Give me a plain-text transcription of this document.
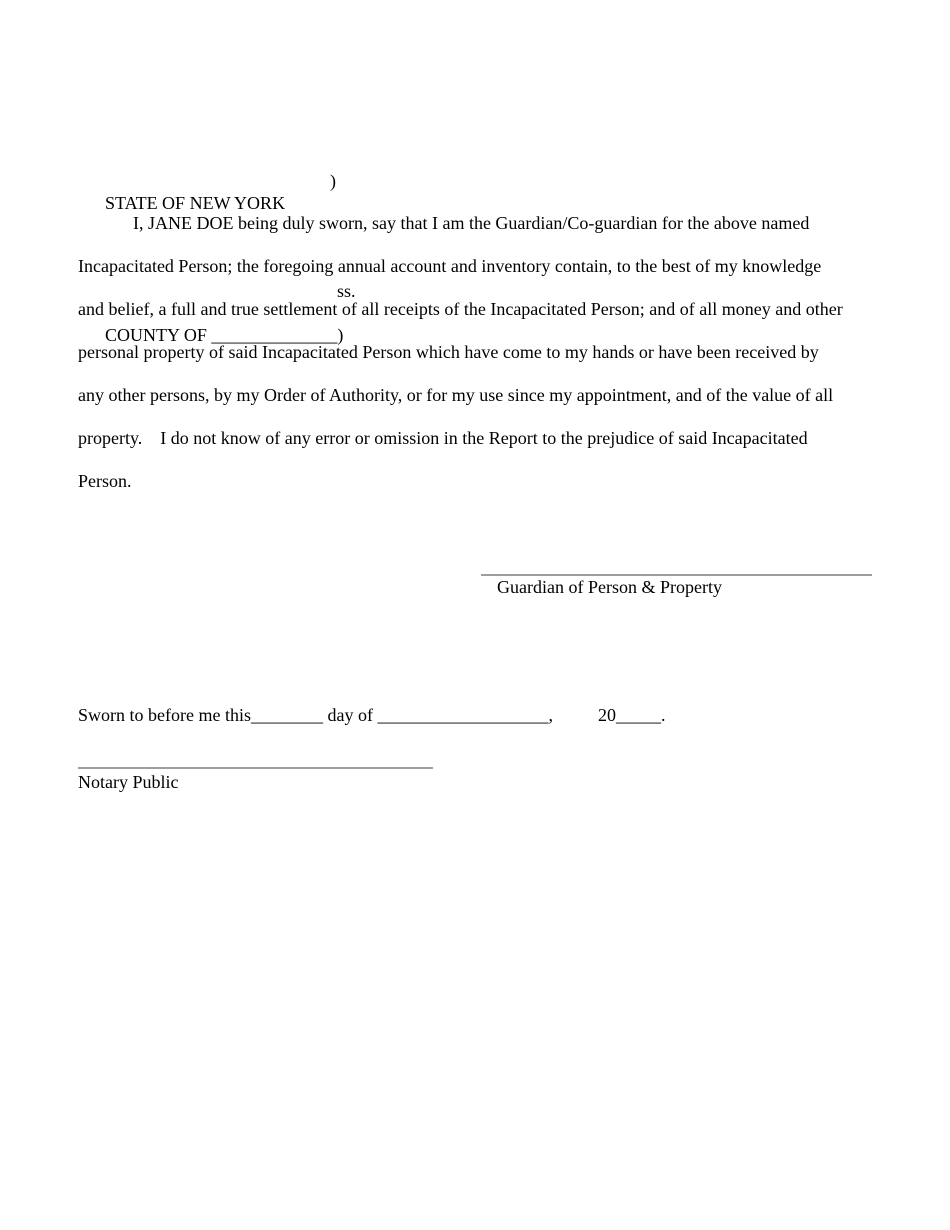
STATE OF NEW YORK

)

ss.

COUNTY OF ______________)

I, JANE DOE being duly sworn, say that I am the Guardian/Co-guardian for the above named
Incapacitated Person; the foregoing annual account and inventory contain, to the best of my knowledge
and belief, a full and true settlement of all receipts of the Incapacitated Person; and of all money and other
personal property of said Incapacitated Person which have come to my hands or have been received by
any other persons, by my Order of Authority, or for my use since my appointment, and of the value of all
property.    I do not know of any error or omission in the Report to the prejudice of said Incapacitated
Person.
Guardian of Person & Property
Sworn to before me this________ day of ___________________,          20_____.
Notary Public
